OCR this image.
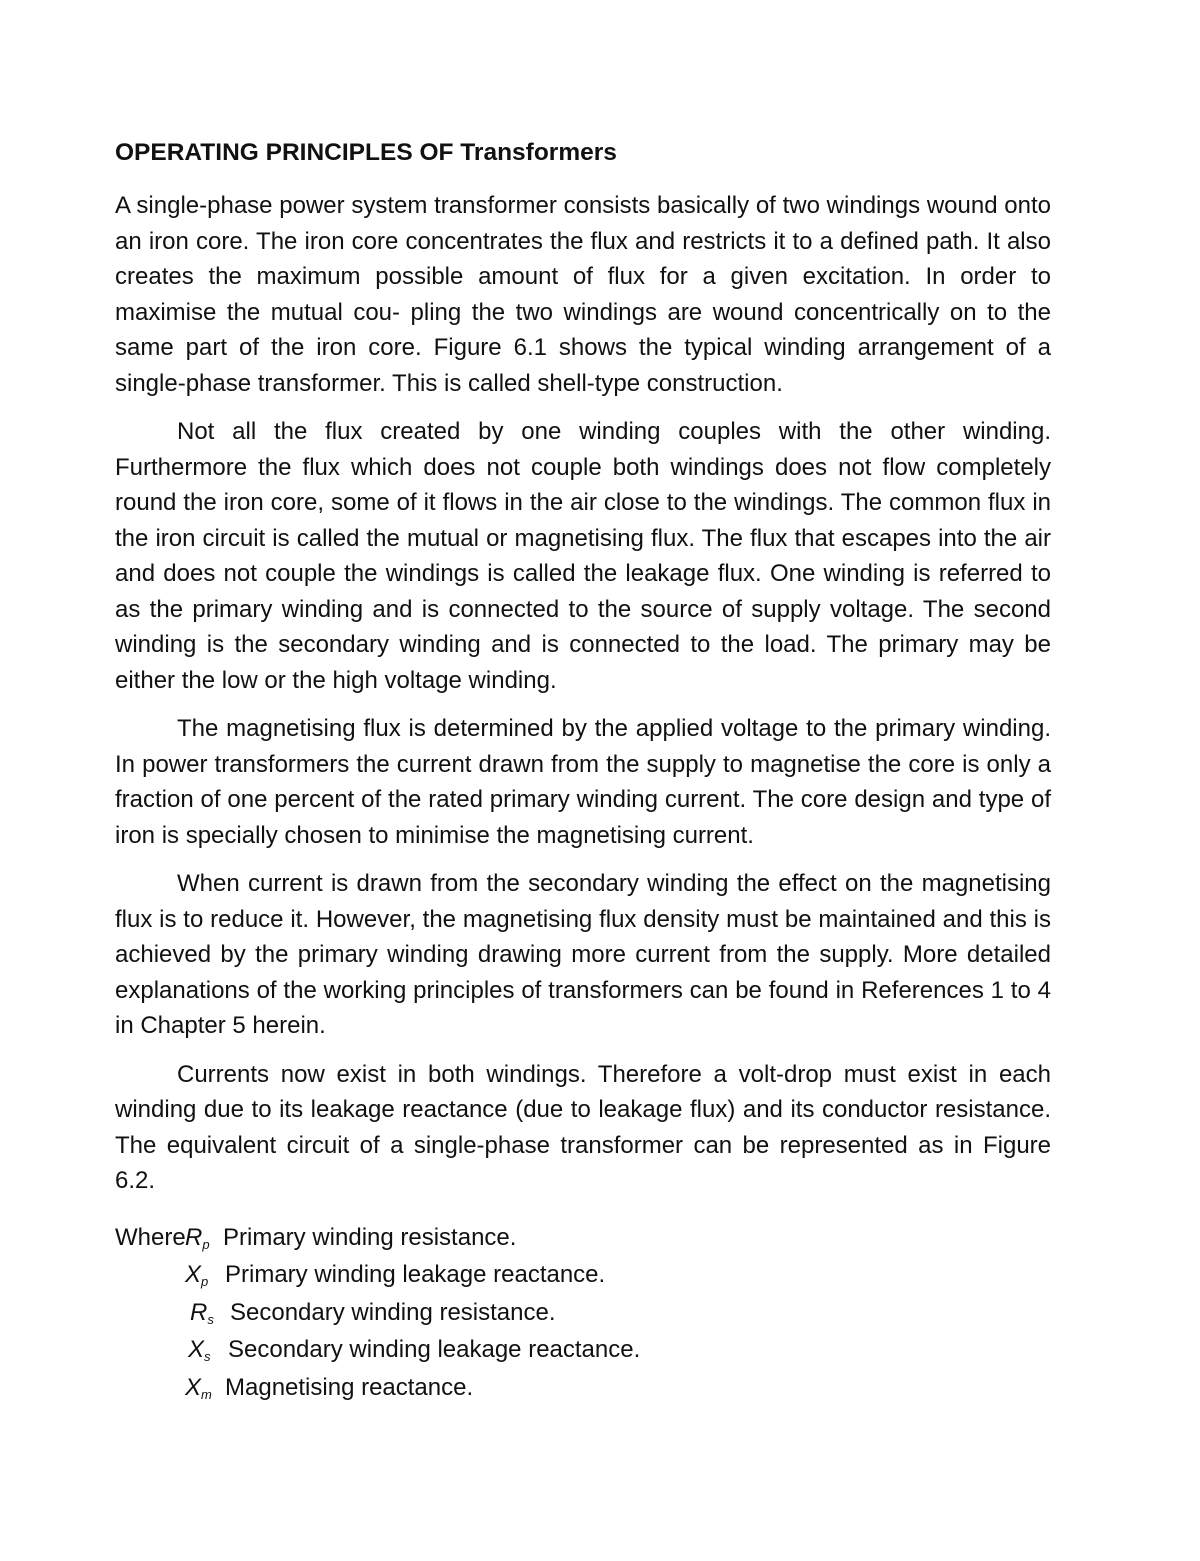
OPERATING PRINCIPLES OF Transformers

A single-phase power system transformer consists basically of two windings wound onto an iron core. The iron core concentrates the flux and restricts it to a defined path. It also creates the maximum possible amount of flux for a given excitation. In order to maximise the mutual cou- pling the two windings are wound concentrically on to the same part of the iron core. Figure 6.1 shows the typical winding arrangement of a single-phase transformer. This is called shell-type construction.

Not all the flux created by one winding couples with the other winding. Furthermore the flux which does not couple both windings does not flow completely round the iron core, some of it flows in the air close to the windings. The common flux in the iron circuit is called the mutual or magnetising flux. The flux that escapes into the air and does not couple the windings is called the leakage flux. One winding is referred to as the primary winding and is connected to the source of supply voltage. The second winding is the secondary winding and is connected to the load. The primary may be either the low or the high voltage winding.

The magnetising flux is determined by the applied voltage to the primary winding. In power transformers the current drawn from the supply to magnetise the core is only a fraction of one percent of the rated primary winding current. The core design and type of iron is specially chosen to minimise the magnetising current.

When current is drawn from the secondary winding the effect on the magnetising flux is to reduce it. However, the magnetising flux density must be maintained and this is achieved by the primary winding drawing more current from the supply. More detailed explanations of the working principles of transformers can be found in References 1 to 4 in Chapter 5 herein.

Currents now exist in both windings. Therefore a volt-drop must exist in each winding due to its leakage reactance (due to leakage flux) and its conductor resistance. The equivalent circuit of a single-phase transformer can be represented as in Figure 6.2.

Where $R_p$ Primary winding resistance.
$X_p$ Primary winding leakage reactance.
$R_s$ Secondary winding resistance.
$X_s$ Secondary winding leakage reactance.
$X_m$ Magnetising reactance.
